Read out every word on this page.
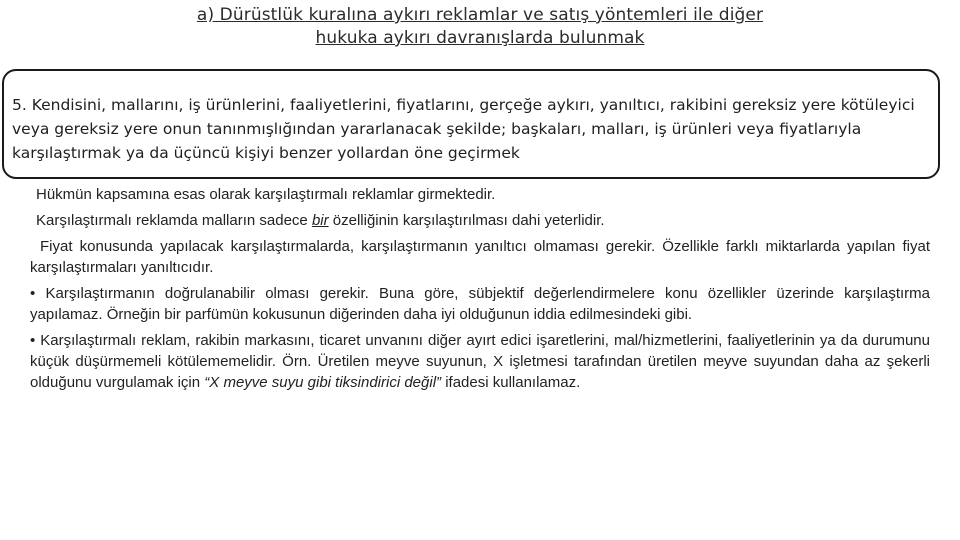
a) Dürüstlük kuralına aykırı reklamlar ve satış yöntemleri ile diğer
hukuka aykırı davranışlarda bulunmak
5. Kendisini, mallarını, iş ürünlerini, faaliyetlerini, fiyatlarını, gerçeğe aykırı, yanıltıcı, rakibini gereksiz yere kötüleyici veya gereksiz yere onun tanınmışlığından yararlanacak şekilde; başkaları, malları, iş ürünleri veya fiyatlarıyla karşılaştırmak ya da üçüncü kişiyi benzer yollardan öne geçirmek

Hükmün kapsamına esas olarak karşılaştırmalı reklamlar girmektedir.

Karşılaştırmalı reklamda malların sadece bir özelliğinin karşılaştırılması dahi yeterlidir.

Fiyat konusunda yapılacak karşılaştırmalarda, karşılaştırmanın yanıltıcı olmaması gerekir. Özellikle farklı miktarlarda yapılan fiyat karşılaştırmaları yanıltıcıdır.

• Karşılaştırmanın doğrulanabilir olması gerekir. Buna göre, sübjektif değerlendirmelere konu özellikler üzerinde karşılaştırma yapılamaz. Örneğin bir parfümün kokusunun diğerinden daha iyi olduğunun iddia edilmesindeki gibi.

• Karşılaştırmalı reklam, rakibin markasını, ticaret unvanını diğer ayırt edici işaretlerini, mal/hizmetlerini, faaliyetlerinin ya da durumunu küçük düşürmemeli kötülememelidir. Örn. Üretilen meyve suyunun, X işletmesi tarafından üretilen meyve suyundan daha az şekerli olduğunu vurgulamak için “X meyve suyu gibi tiksindirici değil” ifadesi kullanılamaz.
